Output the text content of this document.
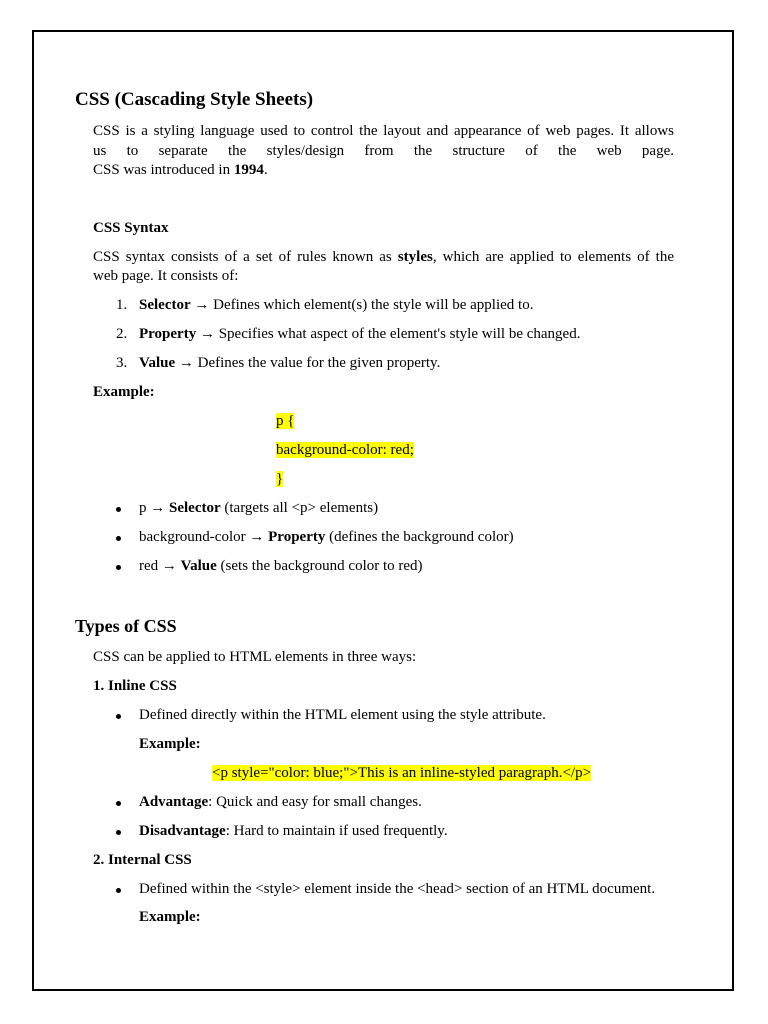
CSS (Cascading Style Sheets)
CSS is a styling language used to control the layout and appearance of web pages. It allows
us to separate the styles/design from the structure of the web page.
CSS was introduced in 1994.
CSS Syntax
CSS syntax consists of a set of rules known as styles, which are applied to elements of the
web page. It consists of:
1. Selector → Defines which element(s) the style will be applied to.
2. Property → Specifies what aspect of the element's style will be changed.
3. Value → Defines the value for the given property.
Example:
p {
background-color: red;
}
p → Selector (targets all <p> elements)
background-color → Property (defines the background color)
red → Value (sets the background color to red)
Types of CSS
CSS can be applied to HTML elements in three ways:
1. Inline CSS
Defined directly within the HTML element using the style attribute.
Example:
<p style="color: blue;">This is an inline-styled paragraph.</p>
Advantage: Quick and easy for small changes.
Disadvantage: Hard to maintain if used frequently.
2. Internal CSS
Defined within the <style> element inside the <head> section of an HTML document.
Example:
